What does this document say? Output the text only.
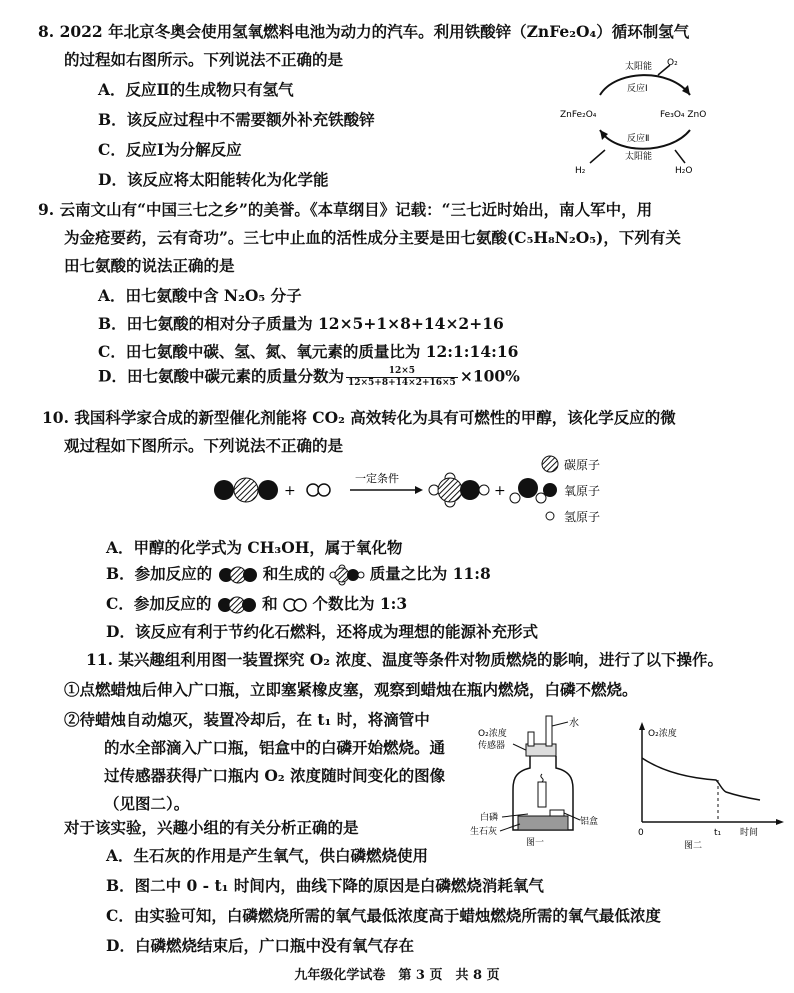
8. 2022 年北京冬奥会使用氢氧燃料电池为动力的汽车。利用铁酸锌（ZnFe₂O₄）循环制氢气
的过程如右图所示。下列说法不正确的是
A．反应Ⅱ的生成物只有氢气
B．该反应过程中不需要额外补充铁酸锌
C．反应Ⅰ为分解反应
D．该反应将太阳能转化为化学能
太阳能 O₂
反应Ⅰ
ZnFe₂O₄	Fe₃O₄ ZnO
反应Ⅱ
太阳能
H₂	H₂O
9. 云南文山有“中国三七之乡”的美誉。《本草纲目》记载：“三七近时始出，南人军中，用
为金疮要药，云有奇功”。三七中止血的活性成分主要是田七氨酸(C₅H₈N₂O₅)，下列有关
田七氨酸的说法正确的是
A．田七氨酸中含 N₂O₅ 分子
B．田七氨酸的相对分子质量为 12×5+1×8+14×2+16
C．田七氨酸中碳、氢、氮、氧元素的质量比为 12:1:14:16
D．田七氨酸中碳元素的质量分数为 $\frac{12\times 5}{12\times 5+8+14\times 2+16\times 5} \times 100\%$
10. 我国科学家合成的新型催化剂能将 CO₂ 高效转化为具有可燃性的甲醇，该化学反应的微
观过程如下图所示。下列说法不正确的是
+
一定条件
+
碳原子
氧原子
氢原子
A．甲醇的化学式为 CH₃OH，属于氧化物
B．参加反应的	和生成的	质量之比为 11:8
C．参加反应的	和 个数比为 1:3
D．该反应有利于节约化石燃料，还将成为理想的能源补充形式
11. 某兴趣组利用图一装置探究 O₂ 浓度、温度等条件对物质燃烧的影响，进行了以下操作。
①点燃蜡烛后伸入广口瓶，立即塞紧橡皮塞，观察到蜡烛在瓶内燃烧，白磷不燃烧。
②待蜡烛自动熄灭，装置冷却后，在 t₁ 时，将滴管中
的水全部滴入广口瓶，铝盒中的白磷开始燃烧。通
过传感器获得广口瓶内 O₂ 浓度随时间变化的图像
（见图二）。
对于该实验，兴趣小组的有关分析正确的是
O₂浓度
传感器
水
白磷
生石灰
铝盒
图一
O₂浓度
0	t₁ 时间
图二
A．生石灰的作用是产生氧气，供白磷燃烧使用
B．图二中 0 - t₁ 时间内，曲线下降的原因是白磷燃烧消耗氧气
C．由实验可知，白磷燃烧所需的氧气最低浓度高于蜡烛燃烧所需的氧气最低浓度
D．白磷燃烧结束后，广口瓶中没有氧气存在
九年级化学试卷　第 3 页　共 8 页
